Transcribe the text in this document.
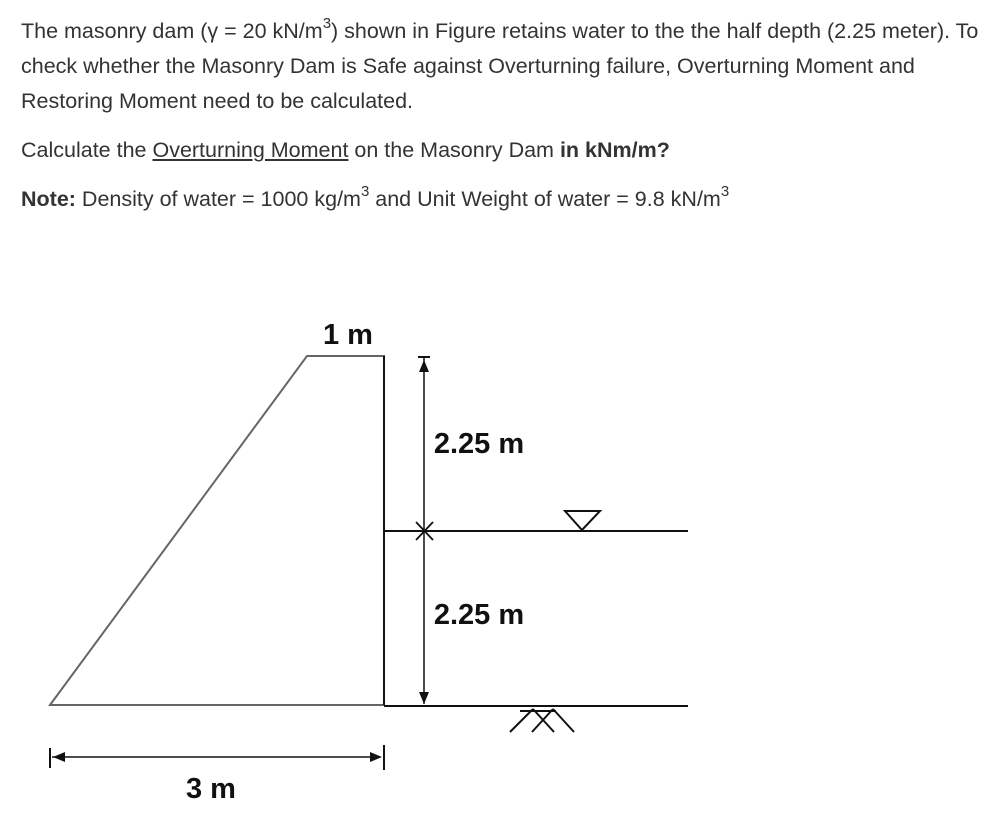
The masonry dam (γ = 20 $kN/m^3$) shown in Figure retains water to the the half depth (2.25 meter). To check whether the Masonry Dam is Safe against Overturning failure, Overturning Moment and Restoring Moment need to be calculated.

Calculate the Overturning Moment on the Masonry Dam in kNm/m?

Note: Density of water = 1000 $kg/m^3$ and Unit Weight of water = 9.8 $kN/m^3$

1 m
2.25 m
2.25 m
3 m
